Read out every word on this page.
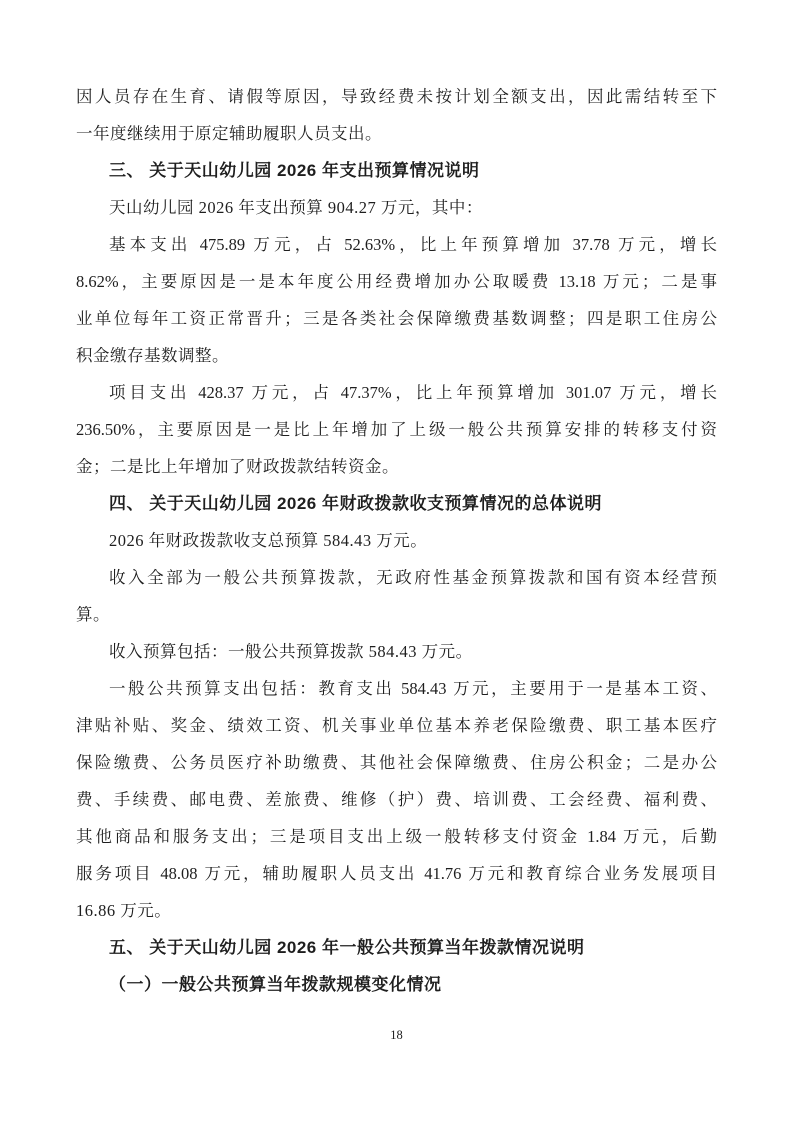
因人员存在生育、请假等原因，导致经费未按计划全额支出，因此需结转至下
一年度继续用于原定辅助履职人员支出。
三、 关于天山幼儿园 2026 年支出预算情况说明
天山幼儿园 2026 年支出预算 904.27 万元，其中：
基本支出 475.89 万元，占 52.63%，比上年预算增加 37.78 万元，增长
8.62%，主要原因是一是本年度公用经费增加办公取暖费 13.18 万元；二是事
业单位每年工资正常晋升；三是各类社会保障缴费基数调整；四是职工住房公
积金缴存基数调整。
项目支出 428.37 万元，占 47.37%，比上年预算增加 301.07 万元，增长
236.50%，主要原因是一是比上年增加了上级一般公共预算安排的转移支付资
金；二是比上年增加了财政拨款结转资金。
四、 关于天山幼儿园 2026 年财政拨款收支预算情况的总体说明
2026 年财政拨款收支总预算 584.43 万元。
收入全部为一般公共预算拨款，无政府性基金预算拨款和国有资本经营预
算。
收入预算包括：一般公共预算拨款 584.43 万元。
一般公共预算支出包括：教育支出 584.43 万元，主要用于一是基本工资、
津贴补贴、奖金、绩效工资、机关事业单位基本养老保险缴费、职工基本医疗
保险缴费、公务员医疗补助缴费、其他社会保障缴费、住房公积金；二是办公
费、手续费、邮电费、差旅费、维修（护）费、培训费、工会经费、福利费、
其他商品和服务支出；三是项目支出上级一般转移支付资金 1.84 万元，后勤
服务项目 48.08 万元，辅助履职人员支出 41.76 万元和教育综合业务发展项目
16.86 万元。
五、 关于天山幼儿园 2026 年一般公共预算当年拨款情况说明
（一）一般公共预算当年拨款规模变化情况
18
